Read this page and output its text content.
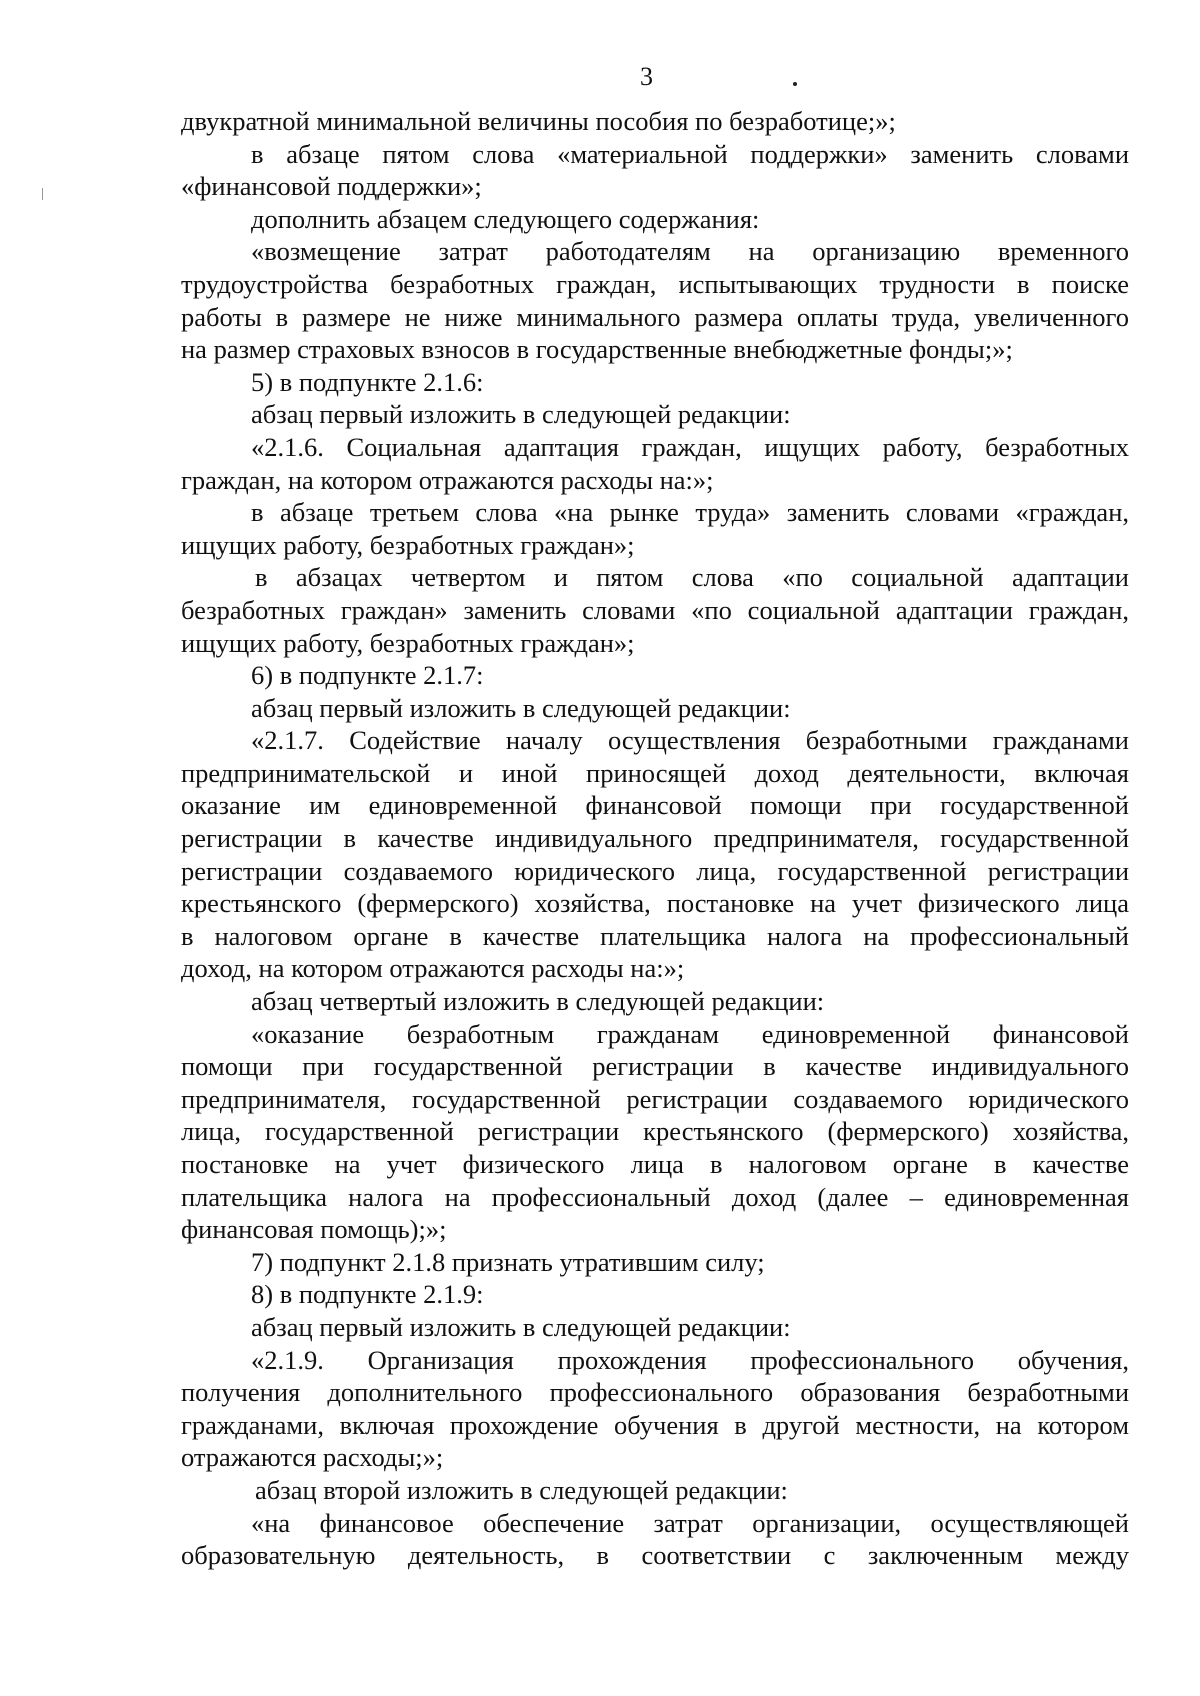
3
двукратной минимальной величины пособия по безработице;»;
в абзаце пятом слова «материальной поддержки» заменить словами
«финансовой поддержки»;
дополнить абзацем следующего содержания:
«возмещение затрат работодателям на организацию временного
трудоустройства безработных граждан, испытывающих трудности в поиске
работы в размере не ниже минимального размера оплаты труда, увеличенного
на размер страховых взносов в государственные внебюджетные фонды;»;
5) в подпункте 2.1.6:
абзац первый изложить в следующей редакции:
«2.1.6. Социальная адаптация граждан, ищущих работу, безработных
граждан, на котором отражаются расходы на:»;
в абзаце третьем слова «на рынке труда» заменить словами «граждан,
ищущих работу, безработных граждан»;
в абзацах четвертом и пятом слова «по социальной адаптации
безработных граждан» заменить словами «по социальной адаптации граждан,
ищущих работу, безработных граждан»;
6) в подпункте 2.1.7:
абзац первый изложить в следующей редакции:
«2.1.7. Содействие началу осуществления безработными гражданами
предпринимательской и иной приносящей доход деятельности, включая
оказание им единовременной финансовой помощи при государственной
регистрации в качестве индивидуального предпринимателя, государственной
регистрации создаваемого юридического лица, государственной регистрации
крестьянского (фермерского) хозяйства, постановке на учет физического лица
в налоговом органе в качестве плательщика налога на профессиональный
доход, на котором отражаются расходы на:»;
абзац четвертый изложить в следующей редакции:
«оказание безработным гражданам единовременной финансовой
помощи при государственной регистрации в качестве индивидуального
предпринимателя, государственной регистрации создаваемого юридического
лица, государственной регистрации крестьянского (фермерского) хозяйства,
постановке на учет физического лица в налоговом органе в качестве
плательщика налога на профессиональный доход (далее – единовременная
финансовая помощь);»;
7) подпункт 2.1.8 признать утратившим силу;
8) в подпункте 2.1.9:
абзац первый изложить в следующей редакции:
«2.1.9. Организация прохождения профессионального обучения,
получения дополнительного профессионального образования безработными
гражданами, включая прохождение обучения в другой местности, на котором
отражаются расходы;»;
абзац второй изложить в следующей редакции:
«на финансовое обеспечение затрат организации, осуществляющей
образовательную деятельность, в соответствии с заключенным между
